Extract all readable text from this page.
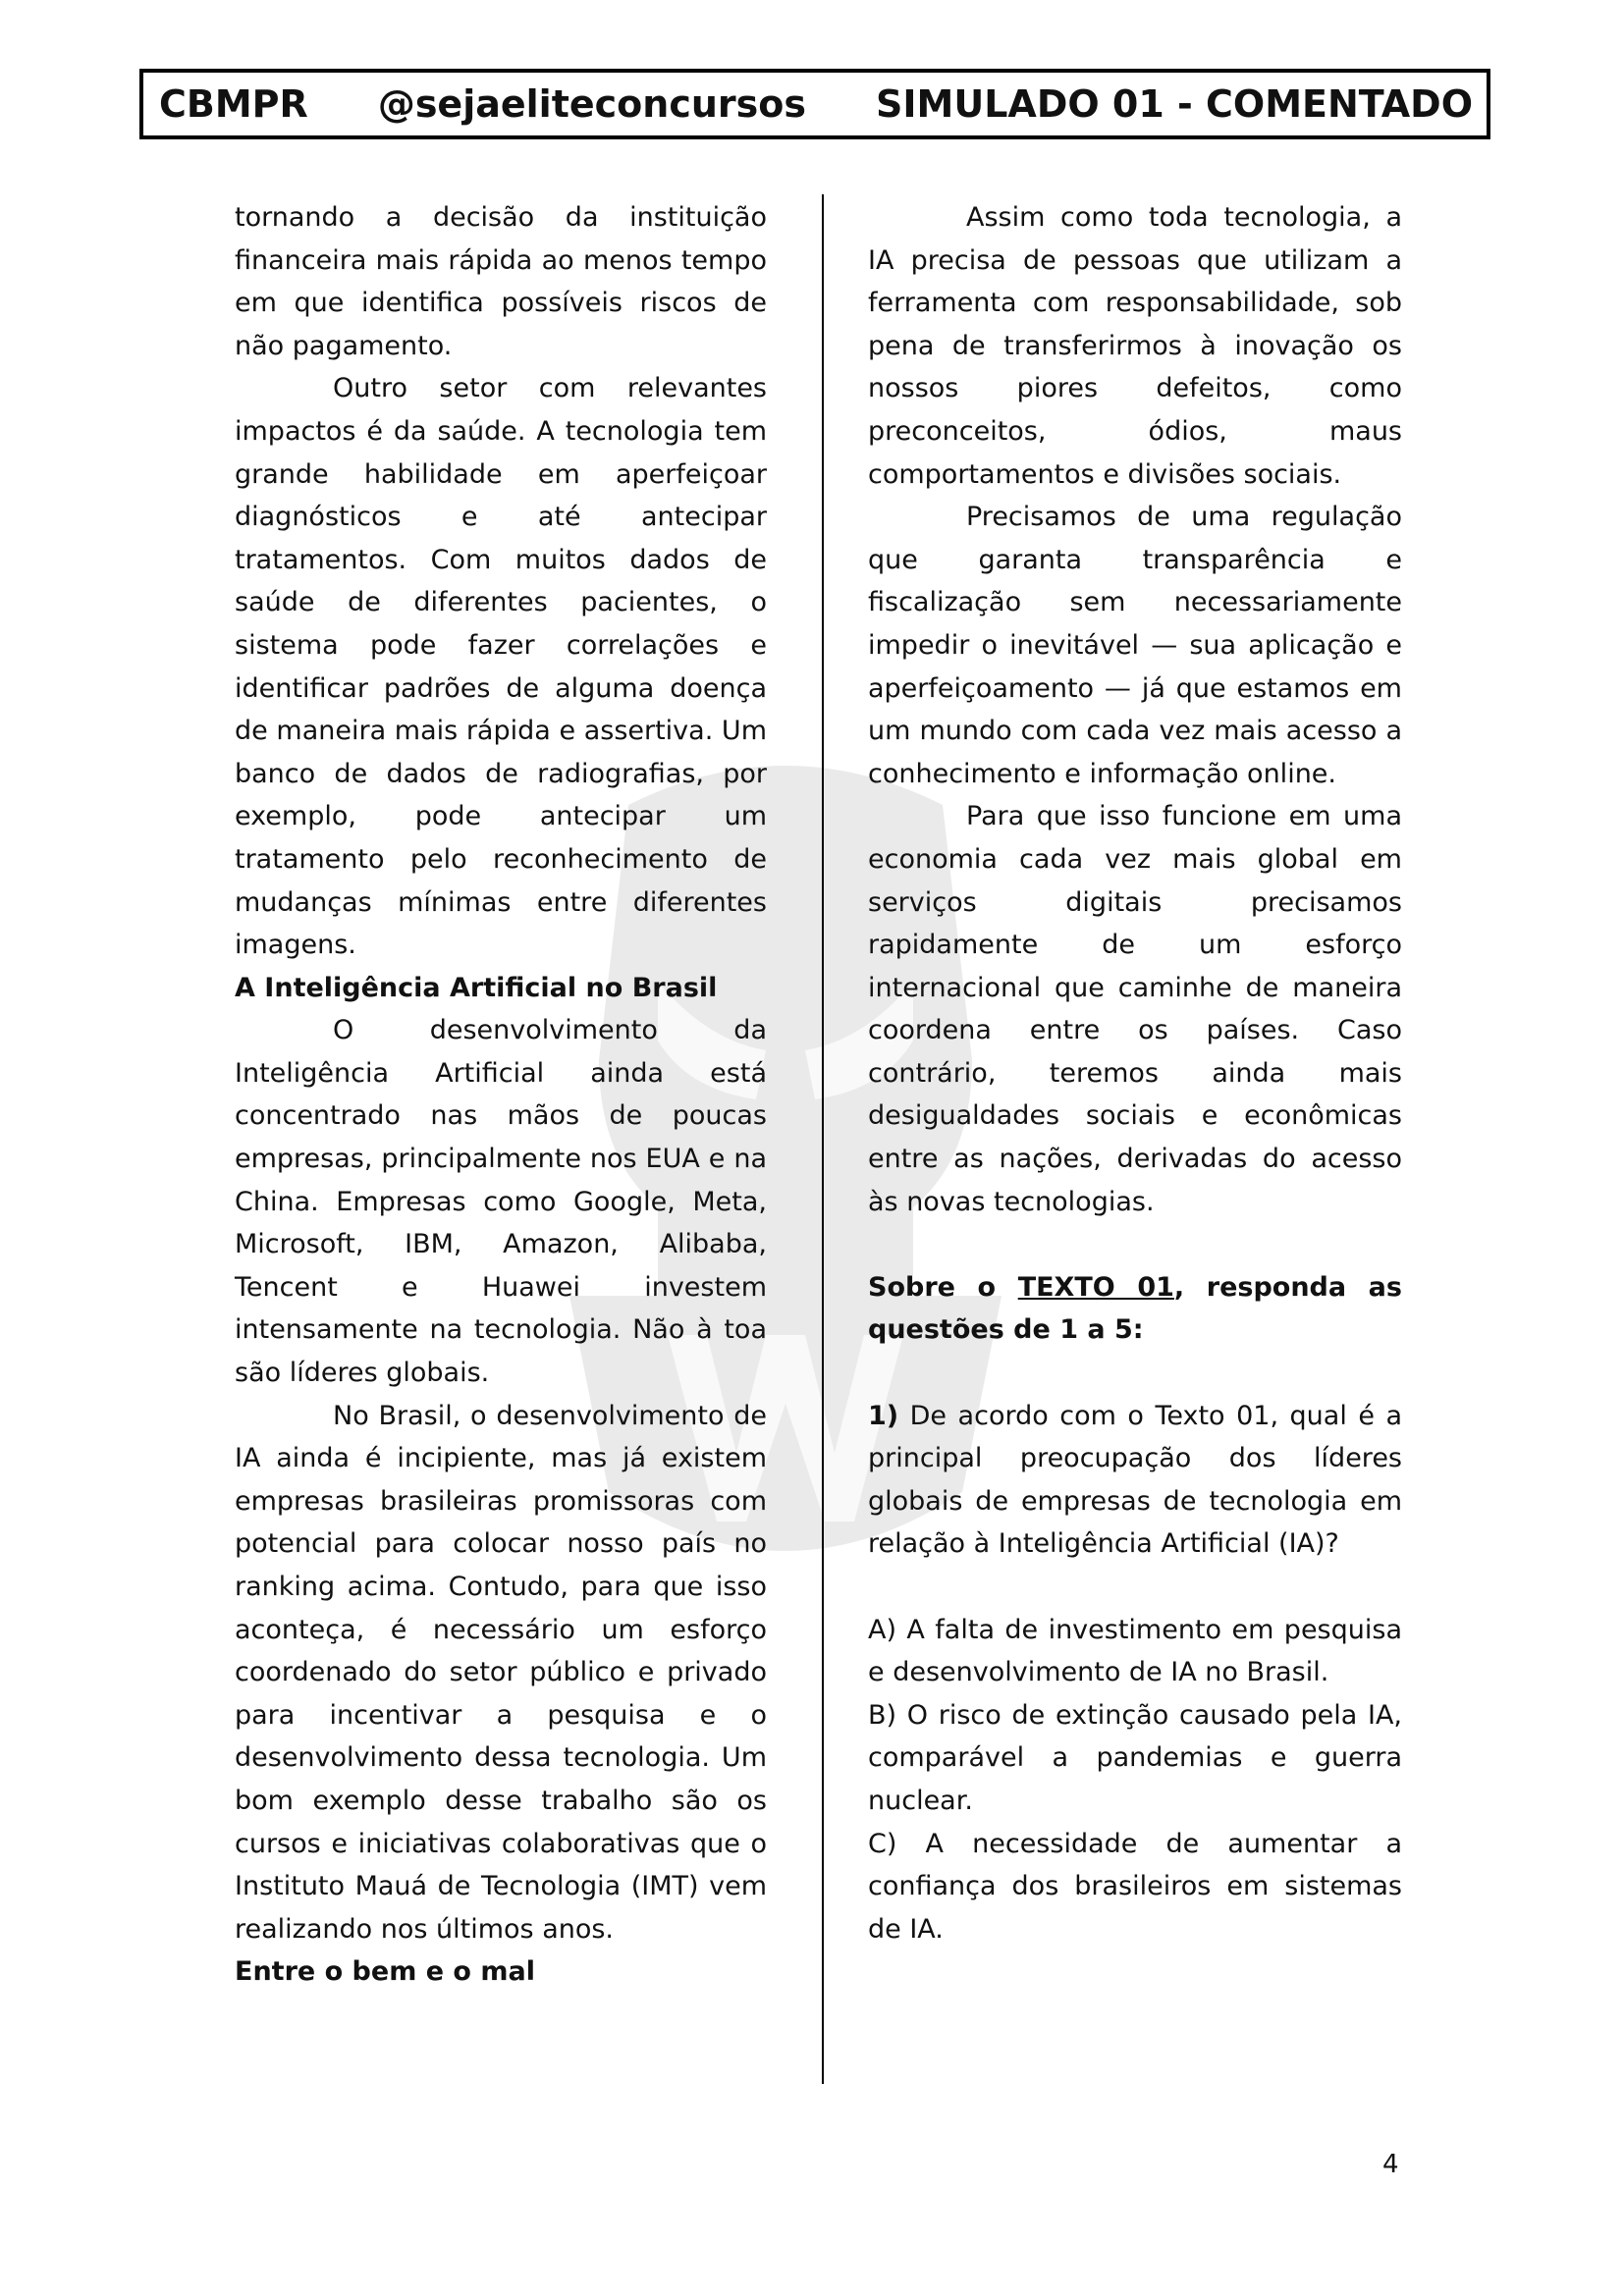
CBMPR @sejaeliteconcursos SIMULADO 01 - COMENTADO

tornando a decisão da instituição financeira mais rápida ao menos tempo em que identifica possíveis riscos de não pagamento.

Outro setor com relevantes impactos é da saúde. A tecnologia tem grande habilidade em aperfeiçoar diagnósticos e até antecipar tratamentos. Com muitos dados de saúde de diferentes pacientes, o sistema pode fazer correlações e identificar padrões de alguma doença de maneira mais rápida e assertiva. Um banco de dados de radiografias, por exemplo, pode antecipar um tratamento pelo reconhecimento de mudanças mínimas entre diferentes imagens.

A Inteligência Artificial no Brasil

O desenvolvimento da Inteligência Artificial ainda está concentrado nas mãos de poucas empresas, principalmente nos EUA e na China. Empresas como Google, Meta, Microsoft, IBM, Amazon, Alibaba, Tencent e Huawei investem intensamente na tecnologia. Não à toa são líderes globais.

No Brasil, o desenvolvimento de IA ainda é incipiente, mas já existem empresas brasileiras promissoras com potencial para colocar nosso país no ranking acima. Contudo, para que isso aconteça, é necessário um esforço coordenado do setor público e privado para incentivar a pesquisa e o desenvolvimento dessa tecnologia. Um bom exemplo desse trabalho são os cursos e iniciativas colaborativas que o Instituto Mauá de Tecnologia (IMT) vem realizando nos últimos anos.

Entre o bem e o mal

Assim como toda tecnologia, a IA precisa de pessoas que utilizam a ferramenta com responsabilidade, sob pena de transferirmos à inovação os nossos piores defeitos, como preconceitos, ódios, maus comportamentos e divisões sociais.

Precisamos de uma regulação que garanta transparência e fiscalização sem necessariamente impedir o inevitável — sua aplicação e aperfeiçoamento — já que estamos em um mundo com cada vez mais acesso a conhecimento e informação online.

Para que isso funcione em uma economia cada vez mais global em serviços digitais precisamos rapidamente de um esforço internacional que caminhe de maneira coordena entre os países. Caso contrário, teremos ainda mais desigualdades sociais e econômicas entre as nações, derivadas do acesso às novas tecnologias.

Sobre o TEXTO 01, responda as questões de 1 a 5:

1) De acordo com o Texto 01, qual é a principal preocupação dos líderes globais de empresas de tecnologia em relação à Inteligência Artificial (IA)?

A) A falta de investimento em pesquisa e desenvolvimento de IA no Brasil.

B) O risco de extinção causado pela IA, comparável a pandemias e guerra nuclear.

C) A necessidade de aumentar a confiança dos brasileiros em sistemas de IA.

4
